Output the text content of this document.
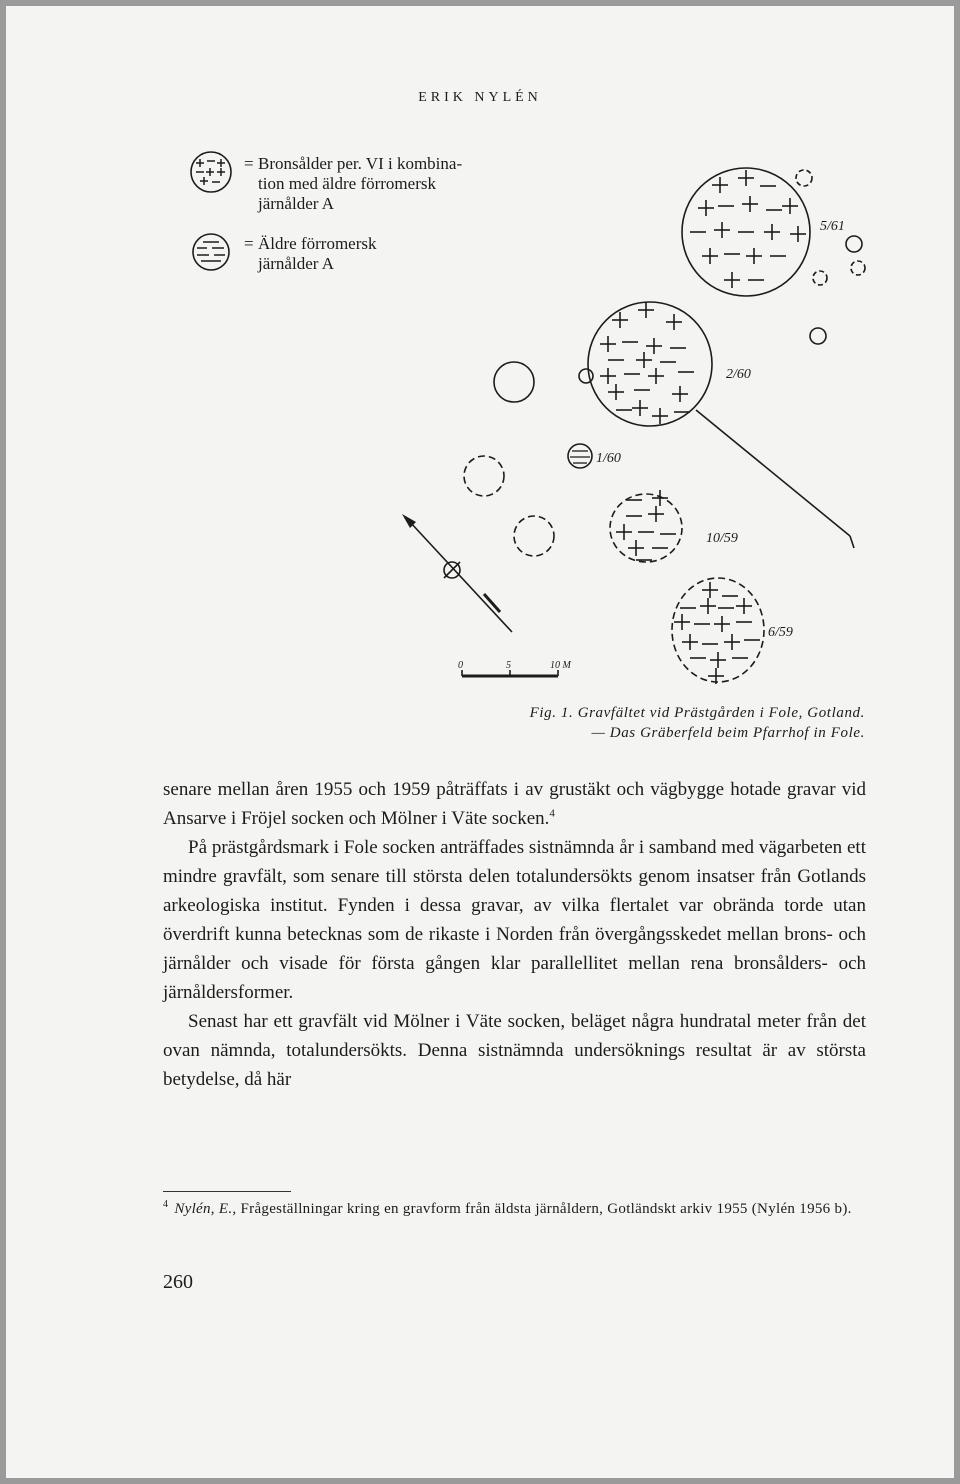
ERIK NYLÉN
= Bronsålder per. VI i kombina-
tion med äldre förromersk
järnålder A
= Äldre förromersk
järnålder A
5/61
2/60
1/60
10/59
6/59
0	5	10 M
Fig. 1. Gravfältet vid Prästgården i Fole, Gotland.
— Das Gräberfeld beim Pfarrhof in Fole.

senare mellan åren 1955 och 1959 påträffats i av grustäkt och vägbygge hotade gravar vid Ansarve i Fröjel socken och Mölner i Väte socken.$^4$

På prästgårdsmark i Fole socken anträffades sistnämnda år i samband med vägarbeten ett mindre gravfält, som senare till största delen totalundersökts genom insatser från Gotlands arkeologiska institut. Fynden i dessa gravar, av vilka flertalet var obrända torde utan överdrift kunna betecknas som de rikaste i Norden från övergångsskedet mellan brons- och järnålder och visade för första gången klar parallellitet mellan rena bronsålders- och järnåldersformer.

Senast har ett gravfält vid Mölner i Väte socken, beläget några hundratal meter från det ovan nämnda, totalundersökts. Denna sistnämnda undersöknings resultat är av största betydelse, då här

$^4$ Nylén, E., Frågeställningar kring en gravform från äldsta järnåldern, Gotländskt arkiv 1955 (Nylén 1956 b).
260
